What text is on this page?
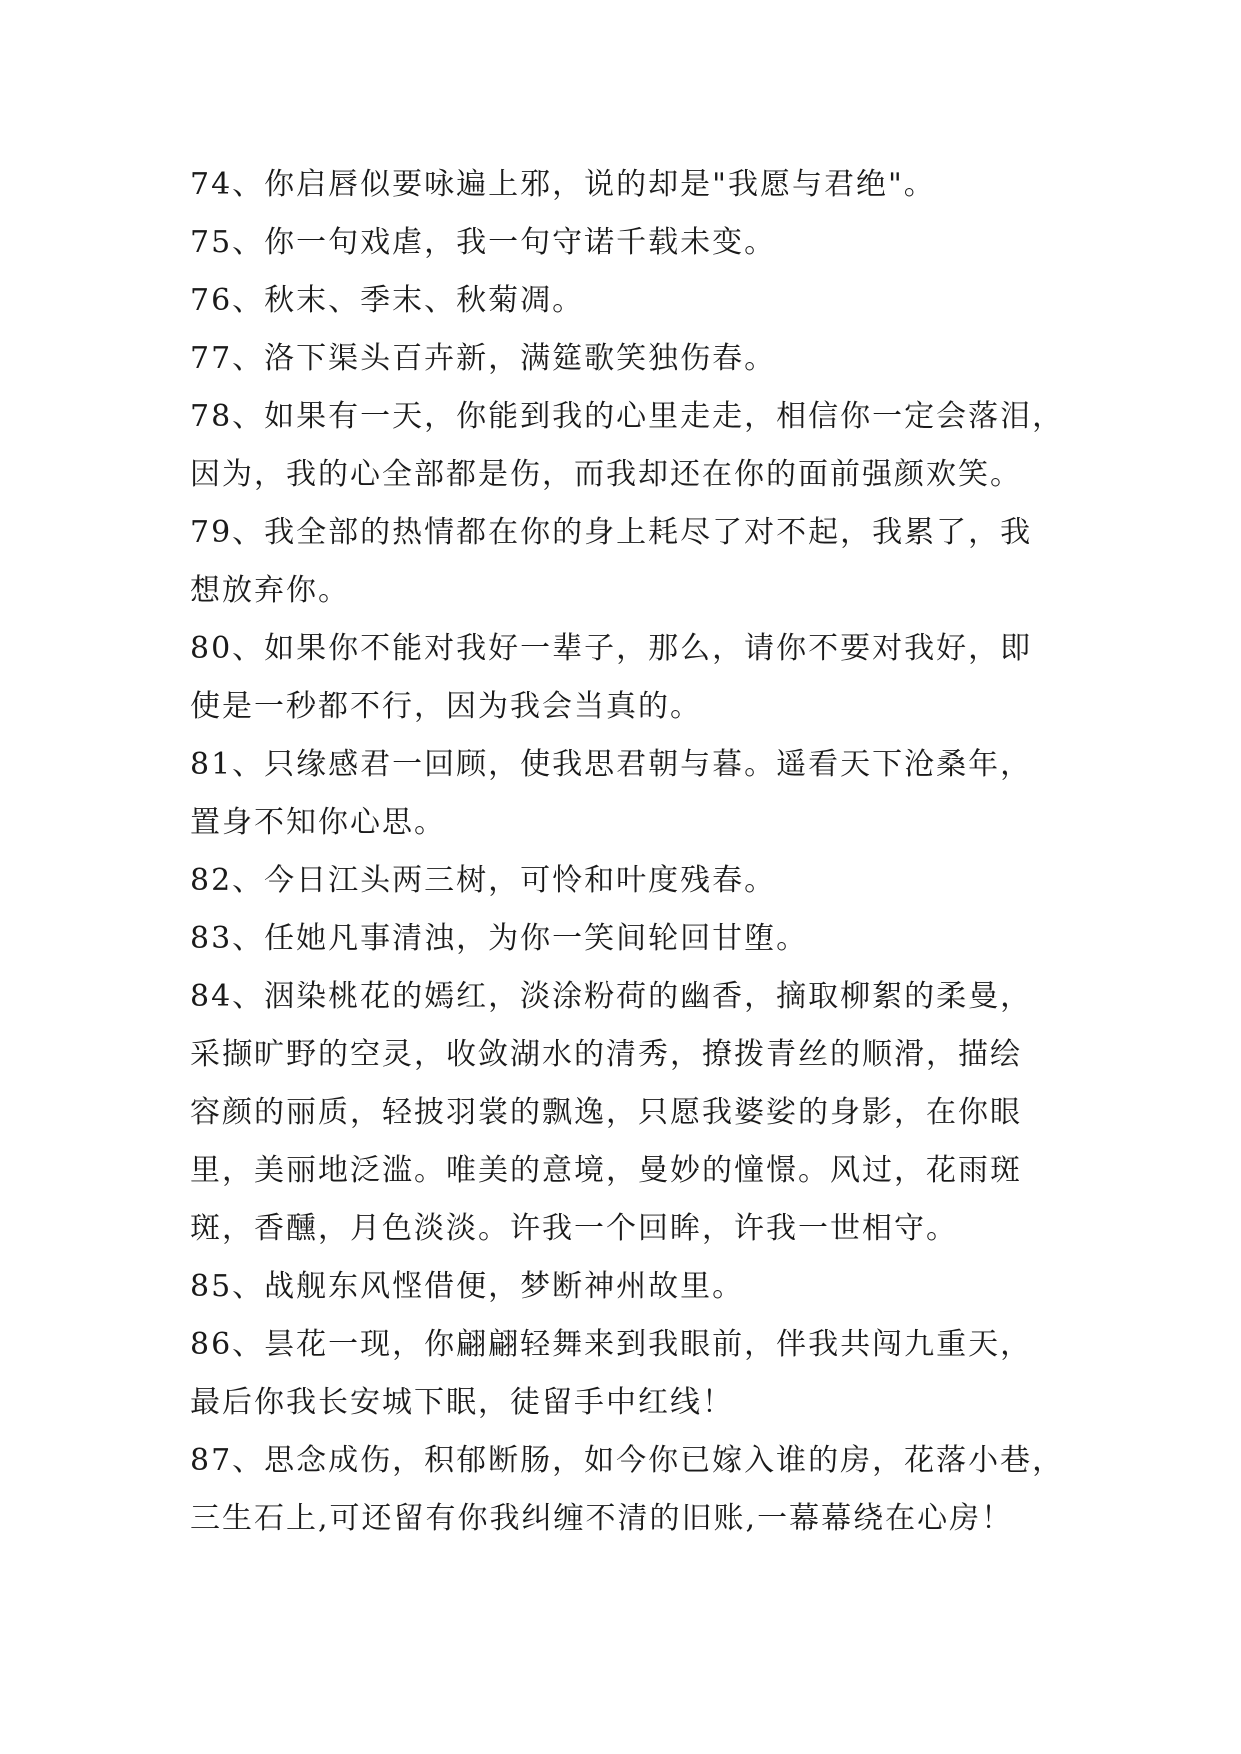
74、你启唇似要咏遍上邪，说的却是"我愿与君绝"。

75、你一句戏虐，我一句守诺千载未变。

76、秋末、季末、秋菊凋。

77、洛下渠头百卉新，满筵歌笑独伤春。

78、如果有一天，你能到我的心里走走，相信你一定会落泪，

因为，我的心全部都是伤，而我却还在你的面前强颜欢笑。

79、我全部的热情都在你的身上耗尽了对不起，我累了，我

想放弃你。

80、如果你不能对我好一辈子，那么，请你不要对我好，即

使是一秒都不行，因为我会当真的。

81、只缘感君一回顾，使我思君朝与暮。遥看天下沧桑年，

置身不知你心思。

82、今日江头两三树，可怜和叶度残春。

83、任她凡事清浊，为你一笑间轮回甘堕。

84、洇染桃花的嫣红，淡涂粉荷的幽香，摘取柳絮的柔曼，

采撷旷野的空灵，收敛湖水的清秀，撩拨青丝的顺滑，描绘

容颜的丽质，轻披羽裳的飘逸，只愿我婆娑的身影，在你眼

里，美丽地泛滥。唯美的意境，曼妙的憧憬。风过，花雨斑

斑，香醺，月色淡淡。许我一个回眸，许我一世相守。

85、战舰东风悭借便，梦断神州故里。

86、昙花一现，你翩翩轻舞来到我眼前，伴我共闯九重天，

最后你我长安城下眠，徒留手中红线！

87、思念成伤，积郁断肠，如今你已嫁入谁的房，花落小巷，

三生石上,可还留有你我纠缠不清的旧账,一幕幕绕在心房！
